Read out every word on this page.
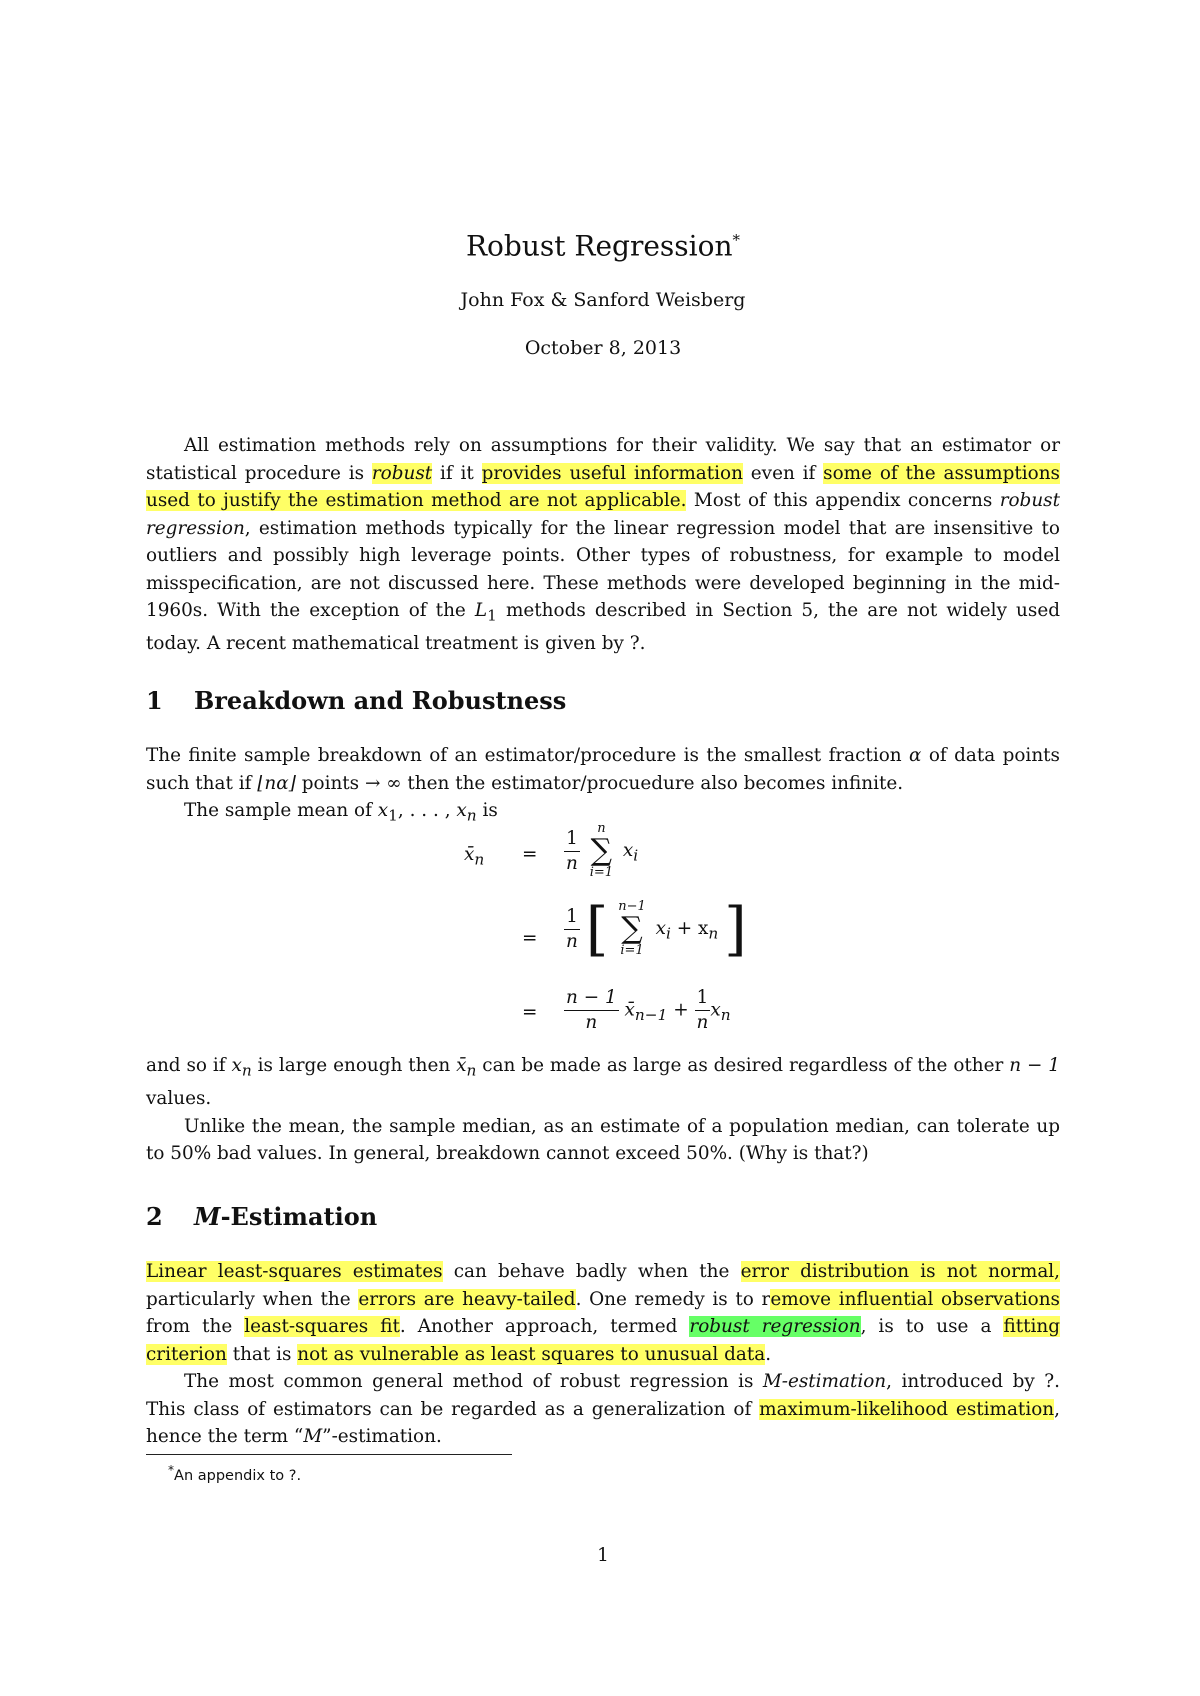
Robust Regression*
John Fox & Sanford Weisberg
October 8, 2013

All estimation methods rely on assumptions for their validity. We say that an estimator or statistical procedure is robust if it provides useful information even if some of the assumptions used to justify the estimation method are not applicable. Most of this appendix concerns robust regression, estimation methods typically for the linear regression model that are insensitive to outliers and possibly high leverage points. Other types of robustness, for example to model misspecification, are not discussed here. These methods were developed beginning in the mid-1960s. With the exception of the $L_1$ methods described in Section 5, the are not widely used today. A recent mathematical treatment is given by ?.

1 Breakdown and Robustness

The finite sample breakdown of an estimator/procedure is the smallest fraction α of data points such that if ⌊nα⌋ points → ∞ then the estimator/procuedure also becomes infinite.
The sample mean of $x_1$, . . . , $x_n$ is

$x̄_n = \frac{1}{n}$
	n
∑
i=1
$x_i$
= $\frac{1}{n}$ [ n−1
∑
i=1
$x_i + x_n$ ]
= $\frac{n - 1}{n}$ $x̄_{n-1} + \frac{1}{n} x_n$

and so if $x_n$ is large enough then $x̄_n$ can be made as large as desired regardless of the other n − 1 values.
Unlike the mean, the sample median, as an estimate of a population median, can tolerate up to 50% bad values. In general, breakdown cannot exceed 50%. (Why is that?)

2 M-Estimation

Linear least-squares estimates can behave badly when the error distribution is not normal, particularly when the errors are heavy-tailed. One remedy is to remove influential observations from the least-squares fit. Another approach, termed robust regression, is to use a fitting criterion that is not as vulnerable as least squares to unusual data.
The most common general method of robust regression is M-estimation, introduced by ?. This class of estimators can be regarded as a generalization of maximum-likelihood estimation, hence the term “M”-estimation.

*An appendix to ?.
1
